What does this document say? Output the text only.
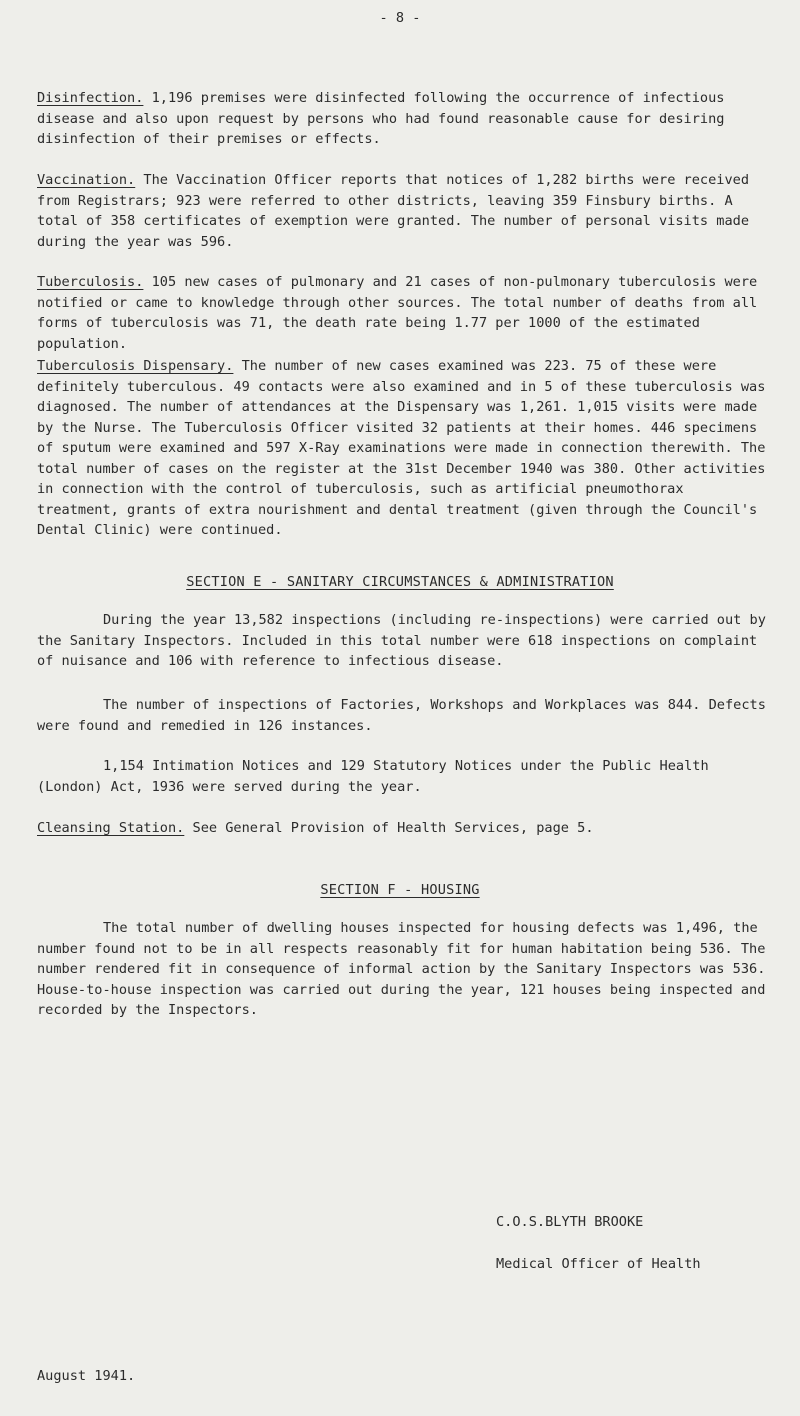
- 8 -

Disinfection. 1,196 premises were disinfected following the occurrence of infectious disease and also upon request by persons who had found reasonable cause for desiring disinfection of their premises or effects.

Vaccination. The Vaccination Officer reports that notices of 1,282 births were received from Registrars; 923 were referred to other districts, leaving 359 Finsbury births. A total of 358 certificates of exemption were granted. The number of personal visits made during the year was 596.

Tuberculosis. 105 new cases of pulmonary and 21 cases of non-pulmonary tuberculosis were notified or came to knowledge through other sources. The total number of deaths from all forms of tuberculosis was 71, the death rate being 1.77 per 1000 of the estimated population.

Tuberculosis Dispensary. The number of new cases examined was 223. 75 of these were definitely tuberculous. 49 contacts were also examined and in 5 of these tuberculosis was diagnosed. The number of attendances at the Dispensary was 1,261. 1,015 visits were made by the Nurse. The Tuberculosis Officer visited 32 patients at their homes. 446 specimens of sputum were examined and 597 X-Ray examinations were made in connection therewith. The total number of cases on the register at the 31st December 1940 was 380. Other activities in connection with the control of tuberculosis, such as artificial pneumothorax treatment, grants of extra nourishment and dental treatment (given through the Council's Dental Clinic) were continued.

SECTION E - SANITARY CIRCUMSTANCES & ADMINISTRATION

During the year 13,582 inspections (including re-inspections) were carried out by the Sanitary Inspectors. Included in this total number were 618 inspections on complaint of nuisance and 106 with reference to infectious disease.

The number of inspections of Factories, Workshops and Workplaces was 844. Defects were found and remedied in 126 instances.

1,154 Intimation Notices and 129 Statutory Notices under the Public Health (London) Act, 1936 were served during the year.

Cleansing Station. See General Provision of Health Services, page 5.

SECTION F - HOUSING

The total number of dwelling houses inspected for housing defects was 1,496, the number found not to be in all respects reasonably fit for human habitation being 536. The number rendered fit in consequence of informal action by the Sanitary Inspectors was 536. House-to-house inspection was carried out during the year, 121 houses being inspected and recorded by the Inspectors.

C.O.S.BLYTH BROOKE
Medical Officer of Health
August 1941.
